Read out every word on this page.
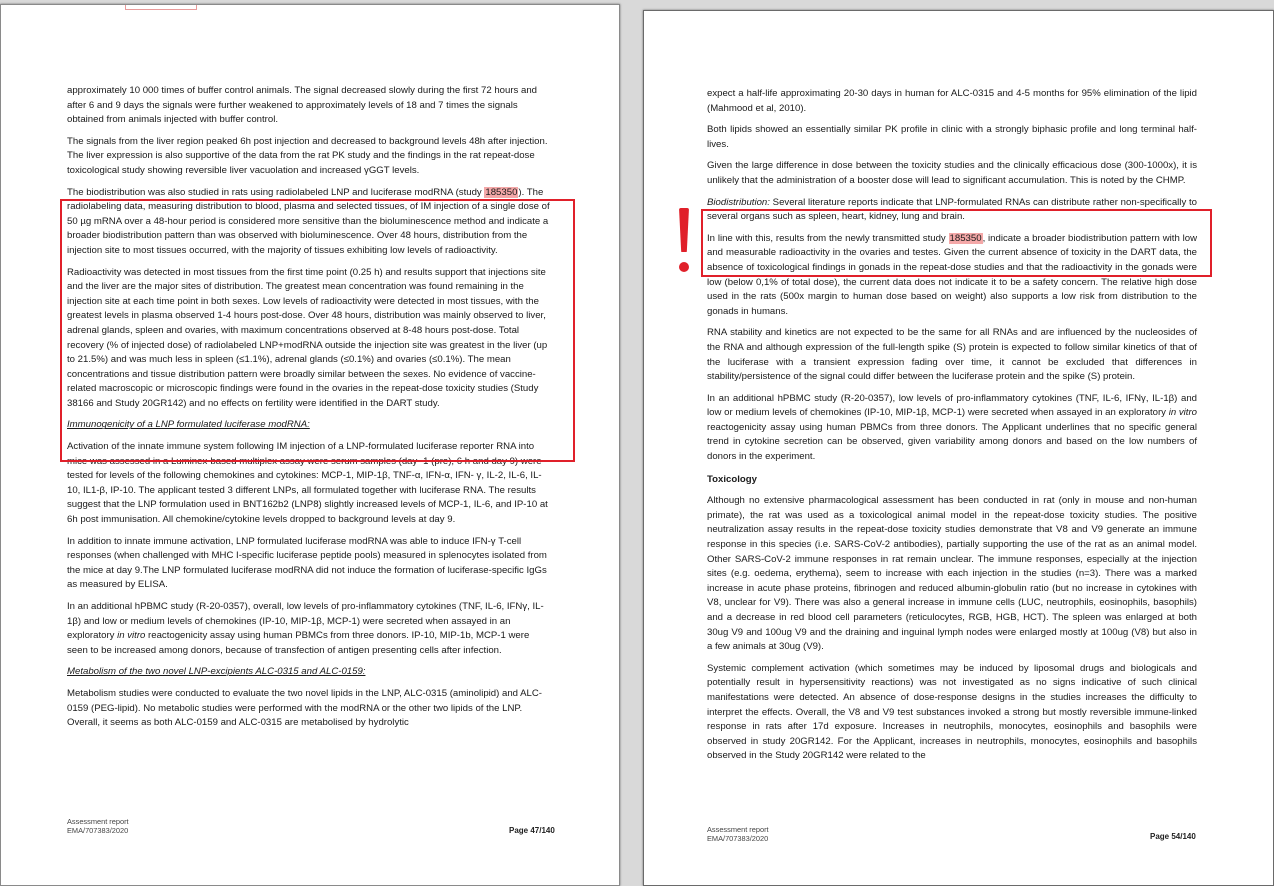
approximately 10 000 times of buffer control animals. The signal decreased slowly during the first 72 hours and after 6 and 9 days the signals were further weakened to approximately levels of 18 and 7 times the signals obtained from animals injected with buffer control.

The signals from the liver region peaked 6h post injection and decreased to background levels 48h after injection. The liver expression is also supportive of the data from the rat PK study and the findings in the rat repeat-dose toxicological study showing reversible liver vacuolation and increased γGGT levels.

The biodistribution was also studied in rats using radiolabeled LNP and luciferase modRNA (study 185350). The radiolabeling data, measuring distribution to blood, plasma and selected tissues, of IM injection of a single dose of 50 µg mRNA over a 48-hour period is considered more sensitive than the bioluminescence method and indicate a broader biodistribution pattern than was observed with bioluminescence. Over 48 hours, distribution from the injection site to most tissues occurred, with the majority of tissues exhibiting low levels of radioactivity.

Radioactivity was detected in most tissues from the first time point (0.25 h) and results support that injections site and the liver are the major sites of distribution. The greatest mean concentration was found remaining in the injection site at each time point in both sexes. Low levels of radioactivity were detected in most tissues, with the greatest levels in plasma observed 1-4 hours post-dose. Over 48 hours, distribution was mainly observed to liver, adrenal glands, spleen and ovaries, with maximum concentrations observed at 8-48 hours post-dose. Total recovery (% of injected dose) of radiolabeled LNP+modRNA outside the injection site was greatest in the liver (up to 21.5%) and was much less in spleen (≤1.1%), adrenal glands (≤0.1%) and ovaries (≤0.1%). The mean concentrations and tissue distribution pattern were broadly similar between the sexes. No evidence of vaccine-related macroscopic or microscopic findings were found in the ovaries in the repeat-dose toxicity studies (Study 38166 and Study 20GR142) and no effects on fertility were identified in the DART study.

Immunogenicity of a LNP formulated luciferase modRNA:

Activation of the innate immune system following IM injection of a LNP-formulated luciferase reporter RNA into mice was assessed in a Luminex-based multiplex assay were serum samples (day -1 (pre), 6 h and day 9) were tested for levels of the following chemokines and cytokines: MCP-1, MIP-1β, TNF-α, IFN-α, IFN- γ, IL-2, IL-6, IL-10, IL1-β, IP-10. The applicant tested 3 different LNPs, all formulated together with luciferase RNA. The results suggest that the LNP formulation used in BNT162b2 (LNP8) slightly increased levels of MCP-1, IL-6, and IP-10 at 6h post immunisation. All chemokine/cytokine levels dropped to background levels at day 9.

In addition to innate immune activation, LNP formulated luciferase modRNA was able to induce IFN-γ T-cell responses (when challenged with MHC I-specific luciferase peptide pools) measured in splenocytes isolated from the mice at day 9.The LNP formulated luciferase modRNA did not induce the formation of luciferase-specific IgGs as measured by ELISA.

In an additional hPBMC study (R-20-0357), overall, low levels of pro-inflammatory cytokines (TNF, IL-6, IFNγ, IL-1β) and low or medium levels of chemokines (IP-10, MIP-1β, MCP-1) were secreted when assayed in an exploratory in vitro reactogenicity assay using human PBMCs from three donors. IP-10, MIP-1b, MCP-1 were seen to be increased among donors, because of transfection of antigen presenting cells after infection.

Metabolism of the two novel LNP-excipients ALC-0315 and ALC-0159:

Metabolism studies were conducted to evaluate the two novel lipids in the LNP, ALC-0315 (aminolipid) and ALC-0159 (PEG-lipid). No metabolic studies were performed with the modRNA or the other two lipids of the LNP. Overall, it seems as both ALC-0159 and ALC-0315 are metabolised by hydrolytic

Assessment report
EMA/707383/2020	Page 47/140

expect a half-life approximating 20-30 days in human for ALC-0315 and 4-5 months for 95% elimination of the lipid (Mahmood et al, 2010).

Both lipids showed an essentially similar PK profile in clinic with a strongly biphasic profile and long terminal half-lives.

Given the large difference in dose between the toxicity studies and the clinically efficacious dose (300-1000x), it is unlikely that the administration of a booster dose will lead to significant accumulation. This is noted by the CHMP.

Biodistribution: Several literature reports indicate that LNP-formulated RNAs can distribute rather non-specifically to several organs such as spleen, heart, kidney, lung and brain.

In line with this, results from the newly transmitted study 185350, indicate a broader biodistribution pattern with low and measurable radioactivity in the ovaries and testes. Given the current absence of toxicity in the DART data, the absence of toxicological findings in gonads in the repeat-dose studies and that the radioactivity in the gonads were low (below 0,1% of total dose), the current data does not indicate it to be a safety concern. The relative high dose used in the rats (500x margin to human dose based on weight) also supports a low risk from distribution to the gonads in humans.

RNA stability and kinetics are not expected to be the same for all RNAs and are influenced by the nucleosides of the RNA and although expression of the full-length spike (S) protein is expected to follow similar kinetics of that of the luciferase with a transient expression fading over time, it cannot be excluded that differences in stability/persistence of the signal could differ between the luciferase protein and the spike (S) protein.

In an additional hPBMC study (R-20-0357), low levels of pro-inflammatory cytokines (TNF, IL-6, IFNγ, IL-1β) and low or medium levels of chemokines (IP-10, MIP-1β, MCP-1) were secreted when assayed in an exploratory in vitro reactogenicity assay using human PBMCs from three donors. The Applicant underlines that no specific general trend in cytokine secretion can be observed, given variability among donors and based on the low numbers of donors in the experiment.

Toxicology

Although no extensive pharmacological assessment has been conducted in rat (only in mouse and non-human primate), the rat was used as a toxicological animal model in the repeat-dose toxicity studies. The positive neutralization assay results in the repeat-dose toxicity studies demonstrate that V8 and V9 generate an immune response in this species (i.e. SARS-CoV-2 antibodies), partially supporting the use of the rat as an animal model. Other SARS-CoV-2 immune responses in rat remain unclear. The immune responses, especially at the injection sites (e.g. oedema, erythema), seem to increase with each injection in the studies (n=3). There was a marked increase in acute phase proteins, fibrinogen and reduced albumin-globulin ratio (but no increase in cytokines with V8, unclear for V9). There was also a general increase in immune cells (LUC, neutrophils, eosinophils, basophils) and a decrease in red blood cell parameters (reticulocytes, RGB, HGB, HCT). The spleen was enlarged at both 30ug V9 and 100ug V9 and the draining and inguinal lymph nodes were enlarged mostly at 100ug (V8) but also in a few animals at 30ug (V9).

Systemic complement activation (which sometimes may be induced by liposomal drugs and biologicals and potentially result in hypersensitivity reactions) was not investigated as no signs indicative of such clinical manifestations were detected. An absence of dose-response designs in the studies increases the difficulty to interpret the effects. Overall, the V8 and V9 test substances invoked a strong but mostly reversible immune-linked response in rats after 17d exposure. Increases in neutrophils, monocytes, eosinophils and basophils were observed in study 20GR142. For the Applicant, increases in neutrophils, monocytes, eosinophils and basophils observed in the Study 20GR142 were related to the

Assessment report
EMA/707383/2020	Page 54/140
